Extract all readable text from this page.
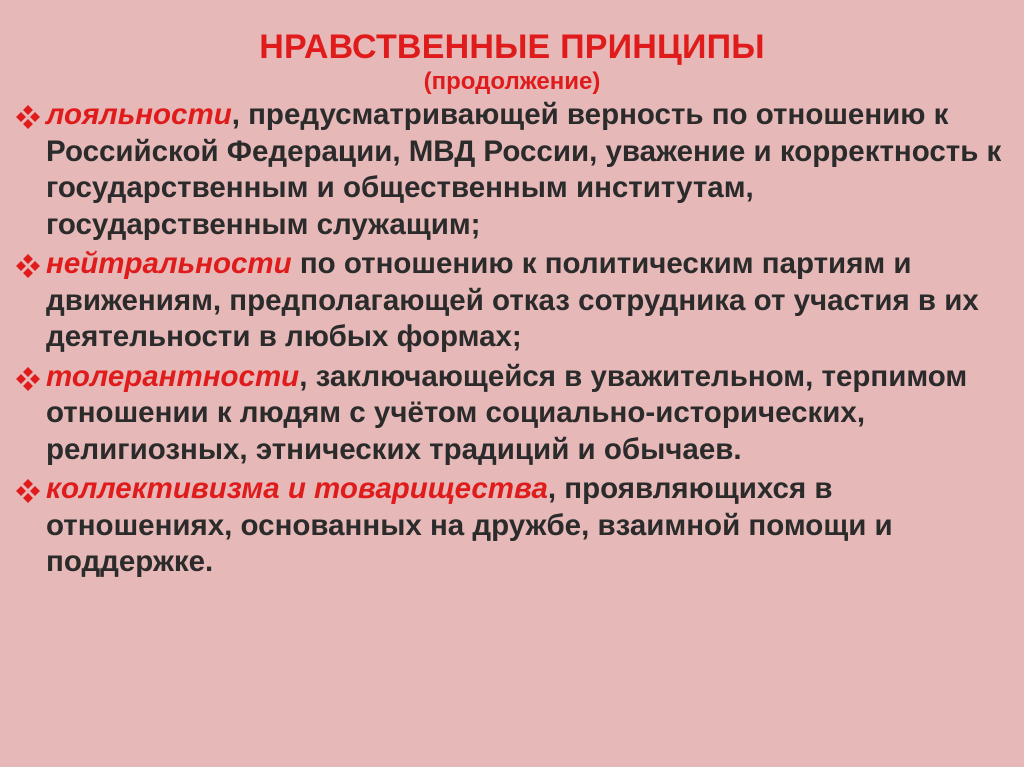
НРАВСТВЕННЫЕ ПРИНЦИПЫ
(продолжение)
лояльности, предусматривающей верность по отношению к Российской Федерации, МВД России, уважение и корректность к государственным и общественным институтам, государственным служащим;
нейтральности по отношению к политическим партиям и движениям, предполагающей отказ сотрудника от участия в их деятельности в любых формах;
толерантности, заключающейся в уважительном, терпимом отношении к людям с учётом социально-исторических, религиозных, этнических традиций и обычаев.
коллективизма и товарищества, проявляющихся в отношениях, основанных на дружбе, взаимной помощи и поддержке.
